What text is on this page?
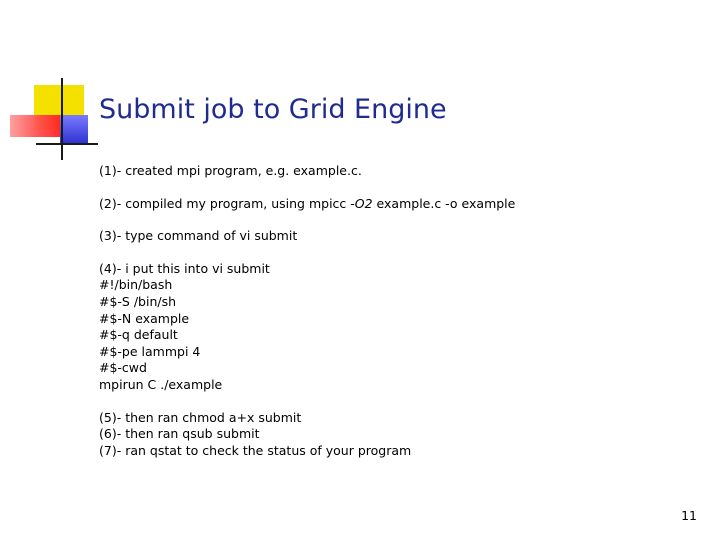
Submit job to Grid Engine

(1)- created mpi program, e.g. example.c.

(2)- compiled my program, using mpicc -O2 example.c -o example

(3)- type command of vi submit

(4)- i put this into vi submit

#!/bin/bash

#$-S /bin/sh

#$-N example

#$-q default

#$-pe lammpi 4

#$-cwd

mpirun C ./example

(5)- then ran chmod a+x submit

(6)- then ran qsub submit

(7)- ran qstat to check the status of your program

11
